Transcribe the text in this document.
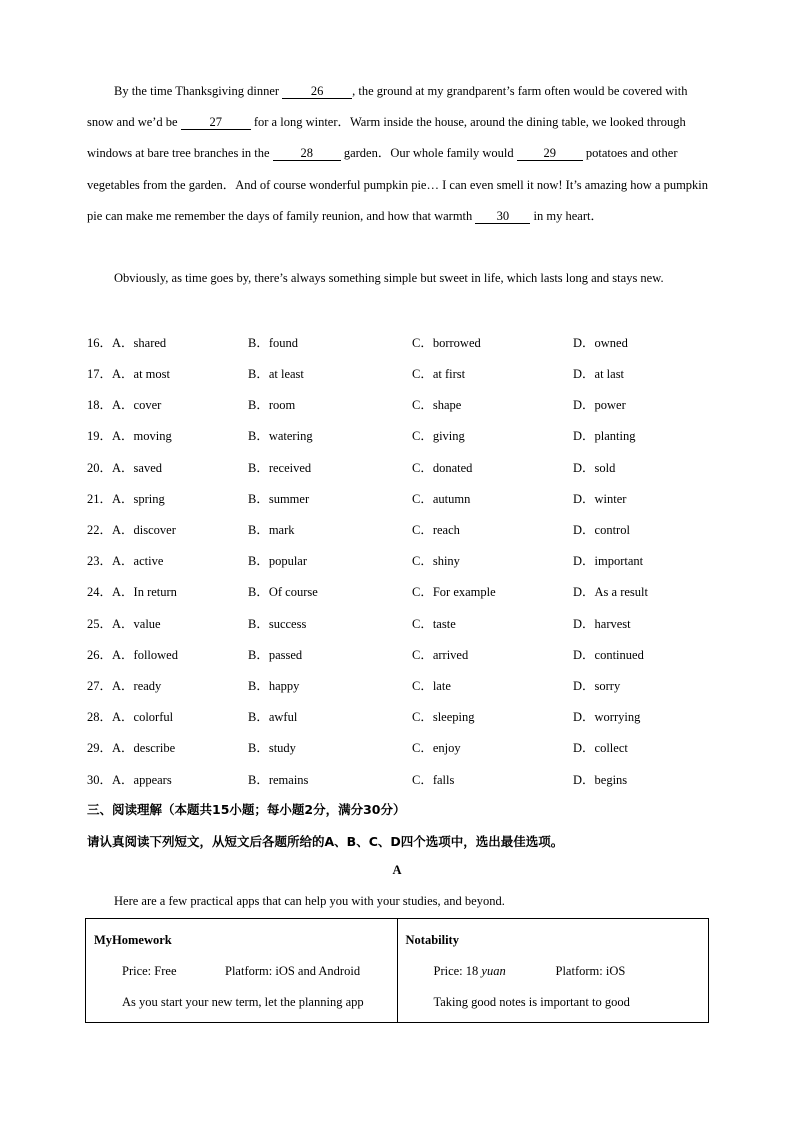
By the time Thanksgiving dinner 26 , the ground at my grandparent’s farm often would be covered with snow and we’d be 27 for a long winter．Warm inside the house, around the dining table, we looked through windows at bare tree branches in the 28 garden．Our whole family would 29 potatoes and other vegetables from the garden．And of course wonderful pumpkin pie… I can even smell it now! It’s amazing how a pumpkin pie can make me remember the days of family reunion, and how that warmth 30 in my heart．

Obviously, as time goes by, there’s always something simple but sweet in life, which lasts long and stays new.

16．A．shared	B．found	C．borrowed	D．owned
17．A．at most	B．at least	C．at first	D．at last
18．A．cover	B．room	C．shape	D．power
19．A．moving	B．watering	C．giving	D．planting
20．A．saved	B．received	C．donated	D．sold
21．A．spring	B．summer	C．autumn	D．winter
22．A．discover	B．mark	C．reach	D．control
23．A．active	B．popular	C．shiny	D．important
24．A．In return	B．Of course	C．For example	D．As a result
25．A．value	B．success	C．taste	D．harvest
26．A．followed	B．passed	C．arrived	D．continued
27．A．ready	B．happy	C．late	D．sorry
28．A．colorful	B．awful	C．sleeping	D．worrying
29．A．describe	B．study	C．enjoy	D．collect
30．A．appears	B．remains	C．falls	D．begins
三、阅读理解（本题共15小题；每小题2分，满分30分）
请认真阅读下列短文，从短文后各题所给的A、B、C、D四个选项中，选出最佳选项。
A
Here are a few practical apps that can help you with your studies, and beyond.
MyHomework
Price: Free	Platform: iOS and Android
As you start your new term, let the planning app

Notability
Price: 18 yuan	Platform: iOS
Taking good notes is important to good
